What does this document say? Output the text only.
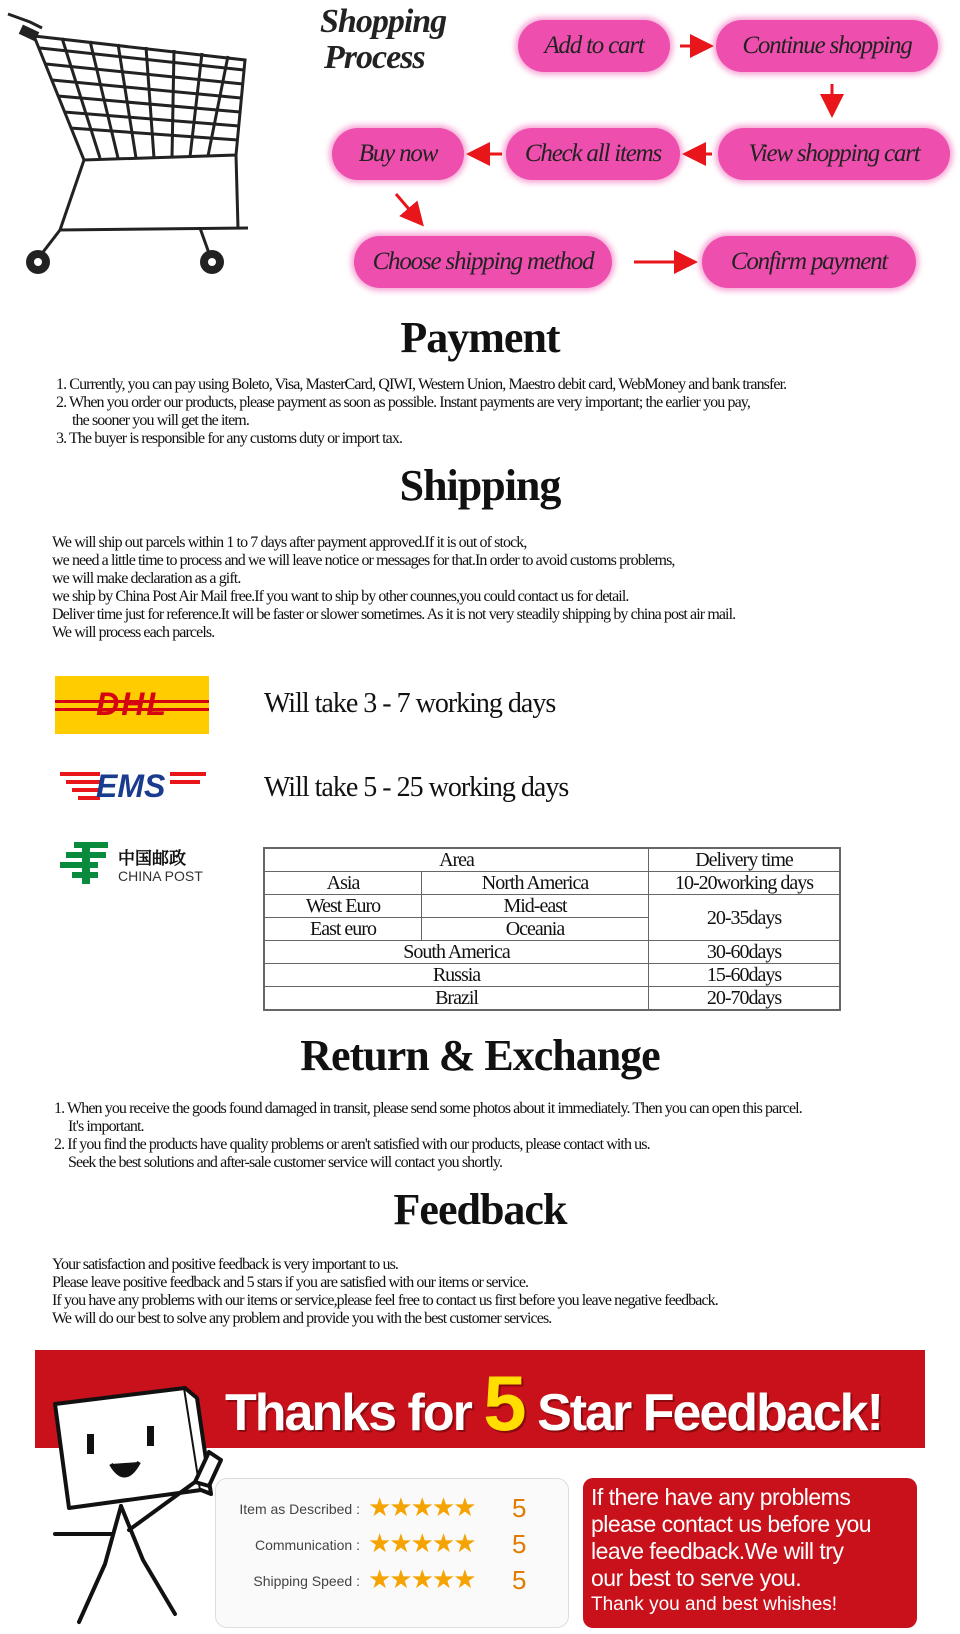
Shopping
Process	Add to cart	Continue shopping
View shopping cart
Check all items
Buy now
Choose shipping method	Confirm payment
Payment
1. Currently, you can pay using Boleto, Visa, MasterCard, QIWI, Western Union, Maestro debit card, WebMoney and bank transfer.
2. When you order our products, please payment as soon as possible. Instant payments are very important; the earlier you pay,
the sooner you will get the item.
3. The buyer is responsible for any customs duty or import tax.
Shipping
We will ship out parcels within 1 to 7 days after payment approved.If it is out of stock,
we need a little time to process and we will leave notice or messages for that.In order to avoid customs problems,
we will make declaration as a gift.
we ship by China Post Air Mail free.If you want to ship by other counnes,you could contact us for detail.
Deliver time just for reference.It will be faster or slower sometimes. As it is not very steadily shipping by china post air mail.
We will process each parcels.
DHL	Will take 3 - 7 working days
EMS	Will take 5 - 25 working days
中国邮政
CHINA POST
Area		Delivery time
Asia	North America	10-20working days
West Euro	Mid-east	20-35days
East euro	Oceania	
South America		30-60days
Russia		15-60days
Brazil		20-70days
Return & Exchange
1. When you receive the goods found damaged in transit, please send some photos about it immediately. Then you can open this parcel.
It's important.
2. If you find the products have quality problems or aren't satisfied with our products, please contact with us.
Seek the best solutions and after-sale customer service will contact you shortly.
Feedback
Your satisfaction and positive feedback is very important to us.
Please leave positive feedback and 5 stars if you are satisfied with our items or service.
If you have any problems with our items or service,please feel free to contact us first before you leave negative feedback.
We will do our best to solve any problem and provide you with the best customer services.
Thanks for 5 Star Feedback!
Item as Described : ★★★★★ 5
Communication : ★★★★★ 5
Shipping Speed : ★★★★★ 5
If there have any problems
please contact us before you
leave feedback.We will try
our best to serve you.
Thank you and best whishes!
